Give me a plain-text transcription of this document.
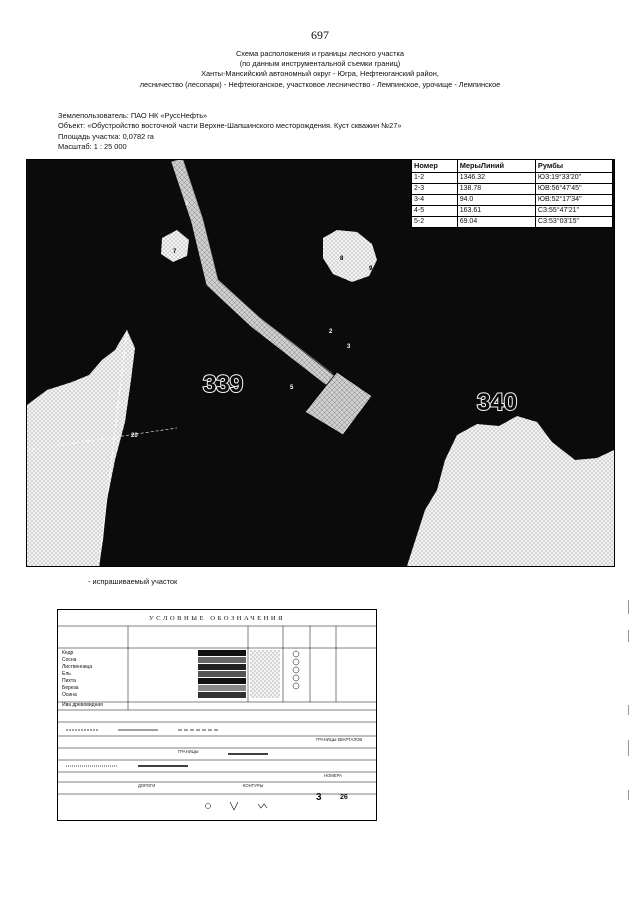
697
Схема расположения и границы лесного участка
(по данным инструментальной съемки границ)
Ханты-Мансийский автономный округ - Югра, Нефтеюганский район,
лесничество (лесопарк) - Нефтеюганское, участковое лесничество - Лемпинское, урочище - Лемпинское
Землепользователь: ПАО НК «РуссНефть»
Объект: «Обустройство восточной части Верхне-Шапшинского месторождения. Куст скважин №27»
Площадь участка: 0,0782 га
Масштаб: 1 : 25 000
339
340
1
2
3
5
7
8
9
18
20
Номер	МерыЛиний	Румбы
1-2	1346.32	ЮЗ:19°33'20"
2-3	138.78	ЮВ:56°47'45"
3-4	94.0	ЮВ:52°17'34"
4-5	163.61	СЗ:55°47'21"
5-2	69.04	СЗ:53°03'15"
- испрашиваемый участок
УСЛОВНЫЕ ОБОЗНАЧЕНИЯ
Кедр
Сосна
Лиственница
Ель
Пихта
Береза
Осина
Ива древовидная
ГРАНИЦЫ
ГРАНИЦЫ КВАРТАЛОВ
ДОРОГИ	КОНТУРЫ
НОМЕРА
3	26
